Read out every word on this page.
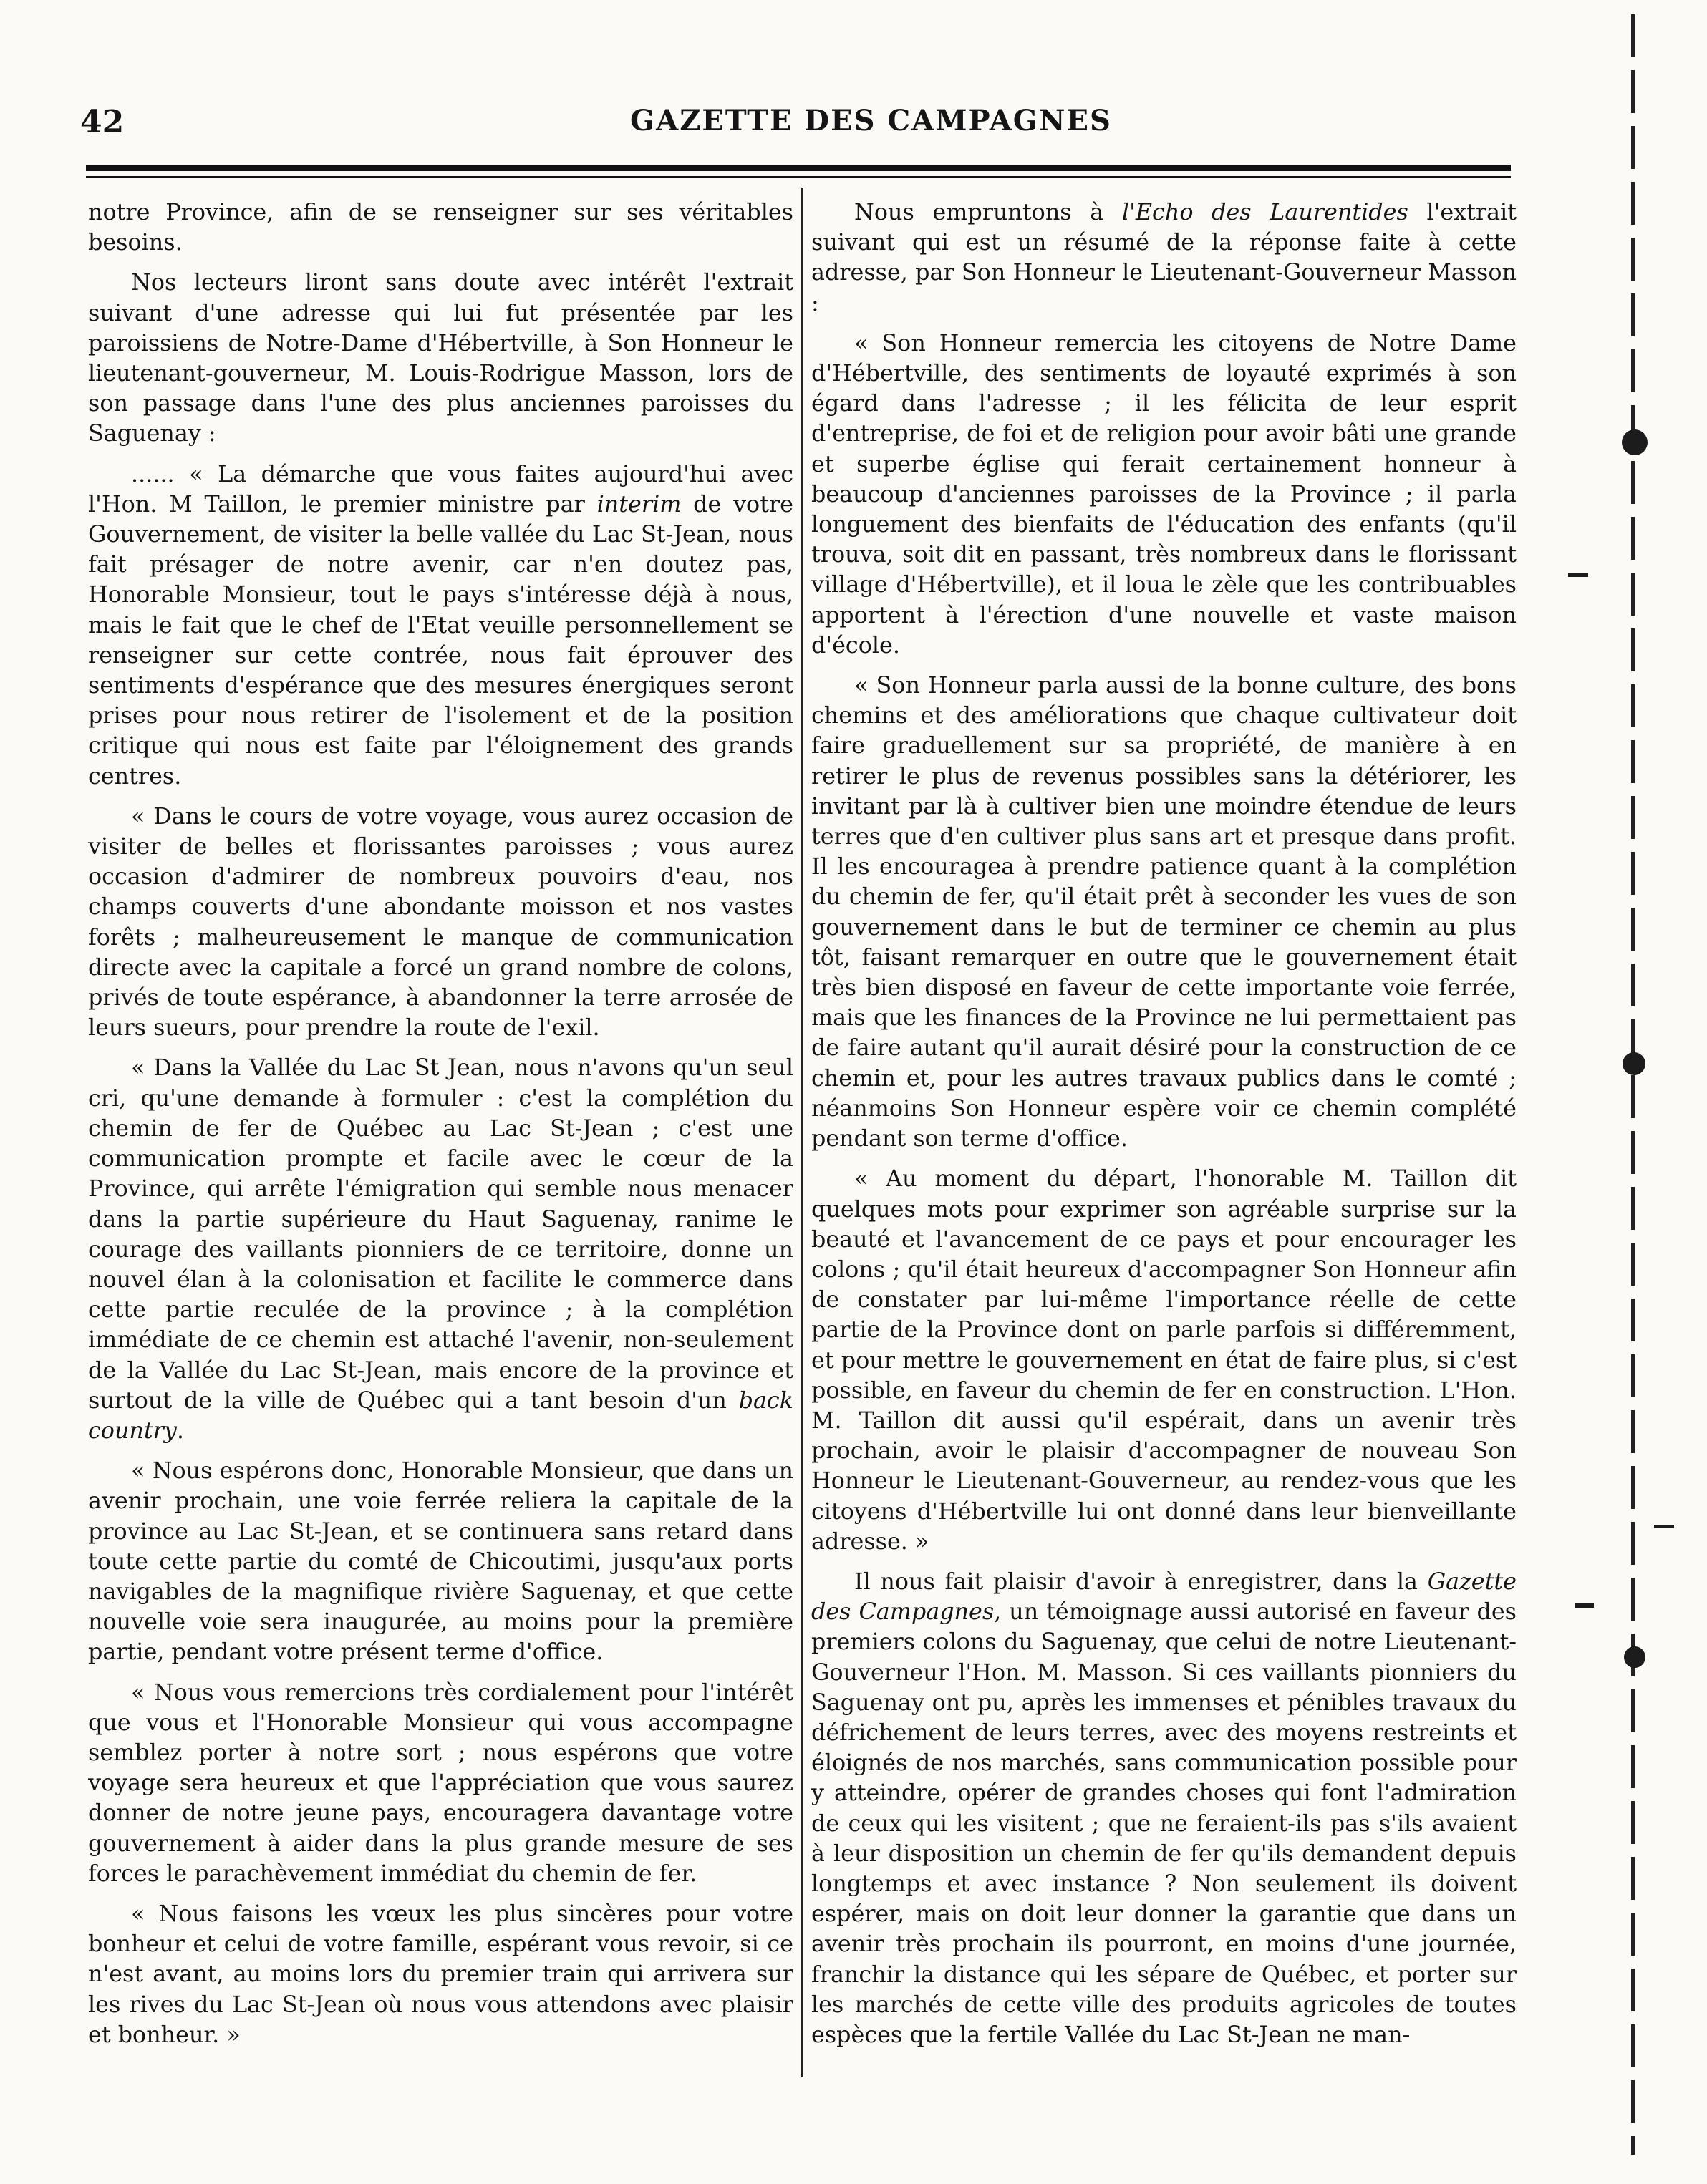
42	GAZETTE DES CAMPAGNES

notre Province, afin de se renseigner sur ses véritables besoins.

Nos lecteurs liront sans doute avec intérêt l'extrait suivant d'une adresse qui lui fut présentée par les paroissiens de Notre-Dame d'Hébertville, à Son Honneur le lieutenant-gouverneur, M. Louis-Rodrigue Masson, lors de son passage dans l'une des plus anciennes paroisses du Saguenay :

...... « La démarche que vous faites aujourd'hui avec l'Hon. M Taillon, le premier ministre par interim de votre Gouvernement, de visiter la belle vallée du Lac St-Jean, nous fait présager de notre avenir, car n'en doutez pas, Honorable Monsieur, tout le pays s'intéresse déjà à nous, mais le fait que le chef de l'Etat veuille personnellement se renseigner sur cette contrée, nous fait éprouver des sentiments d'espérance que des mesures énergiques seront prises pour nous retirer de l'isolement et de la position critique qui nous est faite par l'éloignement des grands centres.

« Dans le cours de votre voyage, vous aurez occasion de visiter de belles et florissantes paroisses ; vous aurez occasion d'admirer de nombreux pouvoirs d'eau, nos champs couverts d'une abondante moisson et nos vastes forêts ; malheureusement le manque de communication directe avec la capitale a forcé un grand nombre de colons, privés de toute espérance, à abandonner la terre arrosée de leurs sueurs, pour prendre la route de l'exil.

« Dans la Vallée du Lac St Jean, nous n'avons qu'un seul cri, qu'une demande à formuler : c'est la complétion du chemin de fer de Québec au Lac St-Jean ; c'est une communication prompte et facile avec le cœur de la Province, qui arrête l'émigration qui semble nous menacer dans la partie supérieure du Haut Saguenay, ranime le courage des vaillants pionniers de ce territoire, donne un nouvel élan à la colonisation et facilite le commerce dans cette partie reculée de la province ; à la complétion immédiate de ce chemin est attaché l'avenir, non-seulement de la Vallée du Lac St-Jean, mais encore de la province et surtout de la ville de Québec qui a tant besoin d'un back country.

« Nous espérons donc, Honorable Monsieur, que dans un avenir prochain, une voie ferrée reliera la capitale de la province au Lac St-Jean, et se continuera sans retard dans toute cette partie du comté de Chicoutimi, jusqu'aux ports navigables de la magnifique rivière Saguenay, et que cette nouvelle voie sera inaugurée, au moins pour la première partie, pendant votre présent terme d'office.

« Nous vous remercions très cordialement pour l'intérêt que vous et l'Honorable Monsieur qui vous accompagne semblez porter à notre sort ; nous espérons que votre voyage sera heureux et que l'appréciation que vous saurez donner de notre jeune pays, encouragera davantage votre gouvernement à aider dans la plus grande mesure de ses forces le parachèvement immédiat du chemin de fer.

« Nous faisons les vœux les plus sincères pour votre bonheur et celui de votre famille, espérant vous revoir, si ce n'est avant, au moins lors du premier train qui arrivera sur les rives du Lac St-Jean où nous vous attendons avec plaisir et bonheur. »

Nous empruntons à l'Echo des Laurentides l'extrait suivant qui est un résumé de la réponse faite à cette adresse, par Son Honneur le Lieutenant-Gouverneur Masson :

« Son Honneur remercia les citoyens de Notre Dame d'Hébertville, des sentiments de loyauté exprimés à son égard dans l'adresse ; il les félicita de leur esprit d'entreprise, de foi et de religion pour avoir bâti une grande et superbe église qui ferait certainement honneur à beaucoup d'anciennes paroisses de la Province ; il parla longuement des bienfaits de l'éducation des enfants (qu'il trouva, soit dit en passant, très nombreux dans le florissant village d'Hébertville), et il loua le zèle que les contribuables apportent à l'érection d'une nouvelle et vaste maison d'école.

« Son Honneur parla aussi de la bonne culture, des bons chemins et des améliorations que chaque cultivateur doit faire graduellement sur sa propriété, de manière à en retirer le plus de revenus possibles sans la détériorer, les invitant par là à cultiver bien une moindre étendue de leurs terres que d'en cultiver plus sans art et presque dans profit. Il les encouragea à prendre patience quant à la complétion du chemin de fer, qu'il était prêt à seconder les vues de son gouvernement dans le but de terminer ce chemin au plus tôt, faisant remarquer en outre que le gouvernement était très bien disposé en faveur de cette importante voie ferrée, mais que les finances de la Province ne lui permettaient pas de faire autant qu'il aurait désiré pour la construction de ce chemin et, pour les autres travaux publics dans le comté ; néanmoins Son Honneur espère voir ce chemin complété pendant son terme d'office.

« Au moment du départ, l'honorable M. Taillon dit quelques mots pour exprimer son agréable surprise sur la beauté et l'avancement de ce pays et pour encourager les colons ; qu'il était heureux d'accompagner Son Honneur afin de constater par lui-même l'importance réelle de cette partie de la Province dont on parle parfois si différemment, et pour mettre le gouvernement en état de faire plus, si c'est possible, en faveur du chemin de fer en construction. L'Hon. M. Taillon dit aussi qu'il espérait, dans un avenir très prochain, avoir le plaisir d'accompagner de nouveau Son Honneur le Lieutenant-Gouverneur, au rendez-vous que les citoyens d'Hébertville lui ont donné dans leur bienveillante adresse. »

Il nous fait plaisir d'avoir à enregistrer, dans la Gazette des Campagnes, un témoignage aussi autorisé en faveur des premiers colons du Saguenay, que celui de notre Lieutenant-Gouverneur l'Hon. M. Masson. Si ces vaillants pionniers du Saguenay ont pu, après les immenses et pénibles travaux du défrichement de leurs terres, avec des moyens restreints et éloignés de nos marchés, sans communication possible pour y atteindre, opérer de grandes choses qui font l'admiration de ceux qui les visitent ; que ne feraient-ils pas s'ils avaient à leur disposition un chemin de fer qu'ils demandent depuis longtemps et avec instance ? Non seulement ils doivent espérer, mais on doit leur donner la garantie que dans un avenir très prochain ils pourront, en moins d'une journée, franchir la distance qui les sépare de Québec, et porter sur les marchés de cette ville des produits agricoles de toutes espèces que la fertile Vallée du Lac St-Jean ne man-
